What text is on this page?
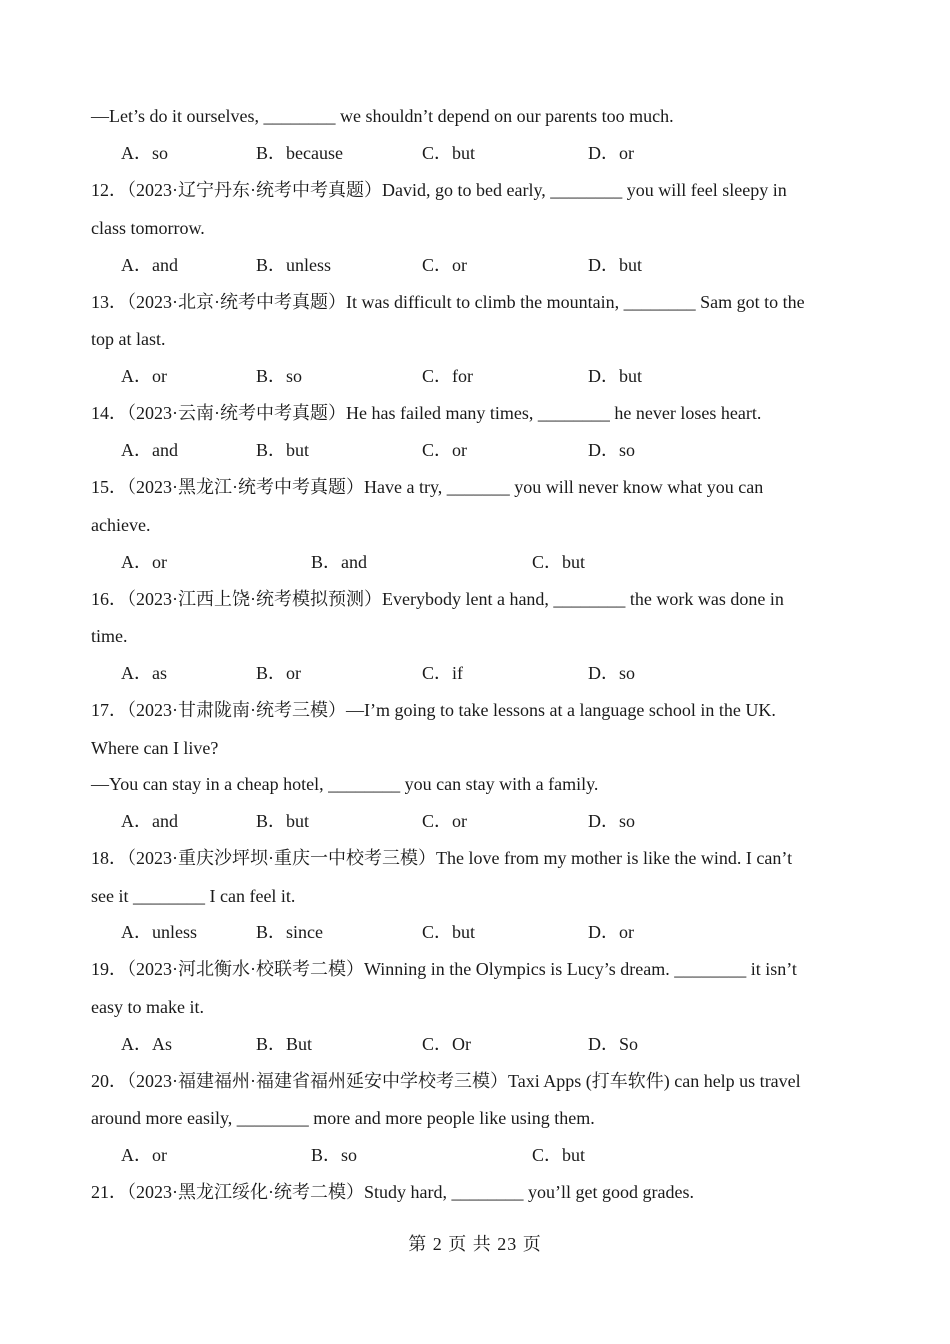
—Let’s do it ourselves, ________ we shouldn’t depend on our parents too much.
A．so	B．because	C．but	D．or
12．（2023·辽宁丹东·统考中考真题）David, go to bed early, ________ you will feel sleepy in
class tomorrow.
A．and	B．unless	C．or	D．but
13．（2023·北京·统考中考真题）It was difficult to climb the mountain, ________ Sam got to the
top at last.
A．or	B．so	C．for	D．but
14．（2023·云南·统考中考真题）He has failed many times, ________ he never loses heart.
A．and	B．but	C．or	D．so
15．（2023·黑龙江·统考中考真题）Have a try, _______ you will never know what you can
achieve.
A．or	B．and	C．but
16．（2023·江西上饶·统考模拟预测）Everybody lent a hand, ________ the work was done in
time.
A．as	B．or	C．if	D．so
17．（2023·甘肃陇南·统考三模）—I’m going to take lessons at a language school in the UK.
Where can I live?
—You can stay in a cheap hotel, ________ you can stay with a family.
A．and	B．but	C．or	D．so
18．（2023·重庆沙坪坝·重庆一中校考三模）The love from my mother is like the wind. I can’t
see it ________ I can feel it.
A．unless	B．since	C．but	D．or
19．（2023·河北衡水·校联考二模）Winning in the Olympics is Lucy’s dream. ________ it isn’t
easy to make it.
A．As	B．But	C．Or	D．So
20．（2023·福建福州·福建省福州延安中学校考三模）Taxi Apps (打车软件) can help us travel
around more easily, ________ more and more people like using them.
A．or	B．so	C．but
21．（2023·黑龙江绥化·统考二模）Study hard, ________ you’ll get good grades.
第 2 页 共 23 页
